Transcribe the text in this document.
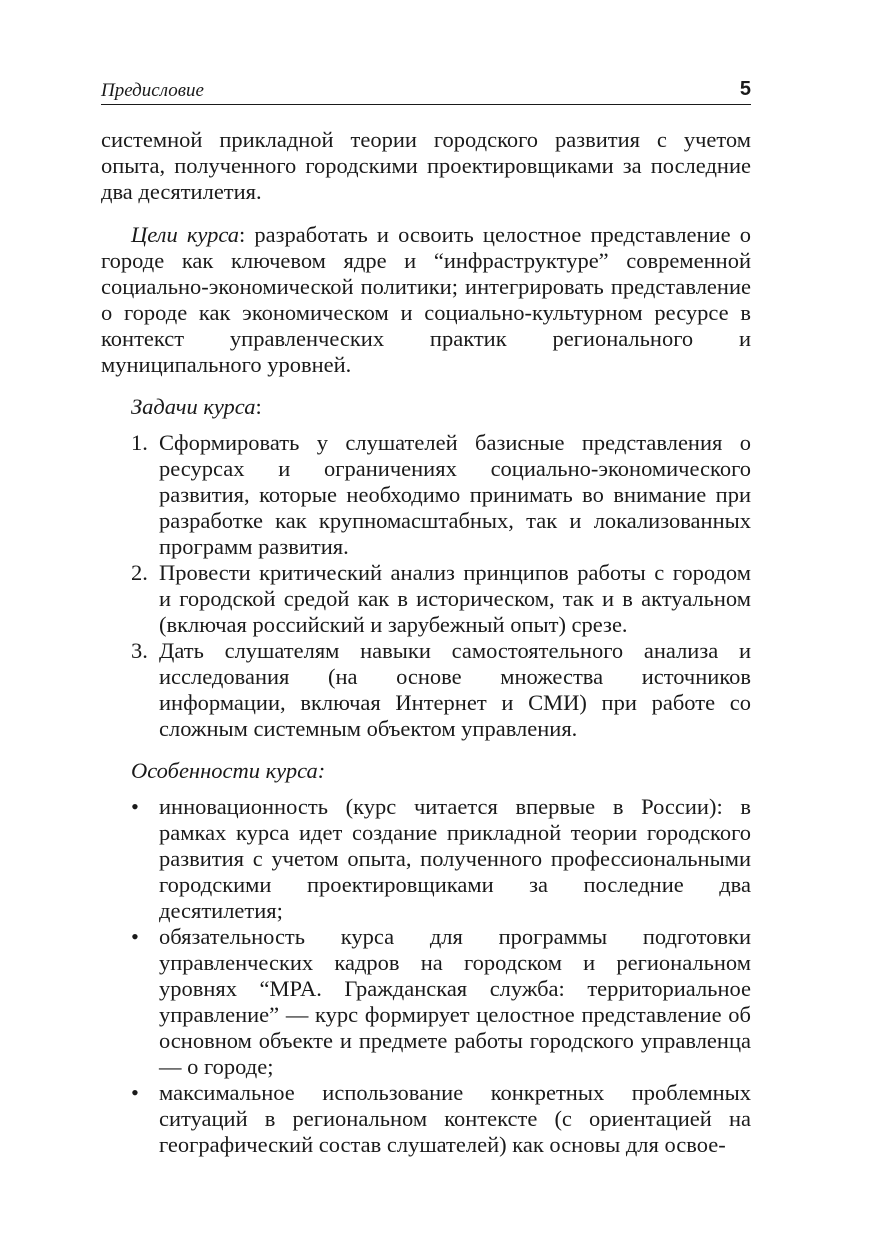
Предисловие	5

системной прикладной теории городского развития с учетом опыта, полученного городскими проектировщиками за последние два десятилетия.

Цели курса: разработать и освоить целостное представление о городе как ключевом ядре и “инфраструктуре” современной социально-экономической политики; интегрировать представление о городе как экономическом и социально-культурном ресурсе в контекст управленческих практик регионального и муниципального уровней.

Задачи курса:

1. Сформировать у слушателей базисные представления о ресурсах и ограничениях социально-экономического развития, которые необходимо принимать во внимание при разработке как крупномасштабных, так и локализованных программ развития.
2. Провести критический анализ принципов работы с городом и городской средой как в историческом, так и в актуальном (включая российский и зарубежный опыт) срезе.
3. Дать слушателям навыки самостоятельного анализа и исследования (на основе множества источников информации, включая Интернет и СМИ) при работе со сложным системным объектом управления.

Особенности курса:

• инновационность (курс читается впервые в России): в рамках курса идет создание прикладной теории городского развития с учетом опыта, полученного профессиональными городскими проектировщиками за последние два десятилетия;
• обязательность курса для программы подготовки управленческих кадров на городском и региональном уровнях “MPA. Гражданская служба: территориальное управление” — курс формирует целостное представление об основном объекте и предмете работы городского управленца — о городе;
• максимальное использование конкретных проблемных ситуаций в региональном контексте (с ориентацией на географический состав слушателей) как основы для освое-
